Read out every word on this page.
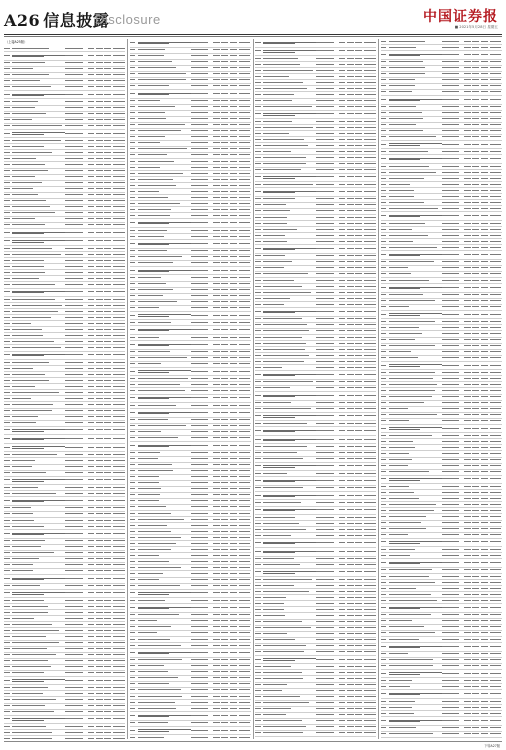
A26 信息披露
Disclosure	中国证券报
■ 2021年5月28日 星期五
（上接A25版）
下转A27版
